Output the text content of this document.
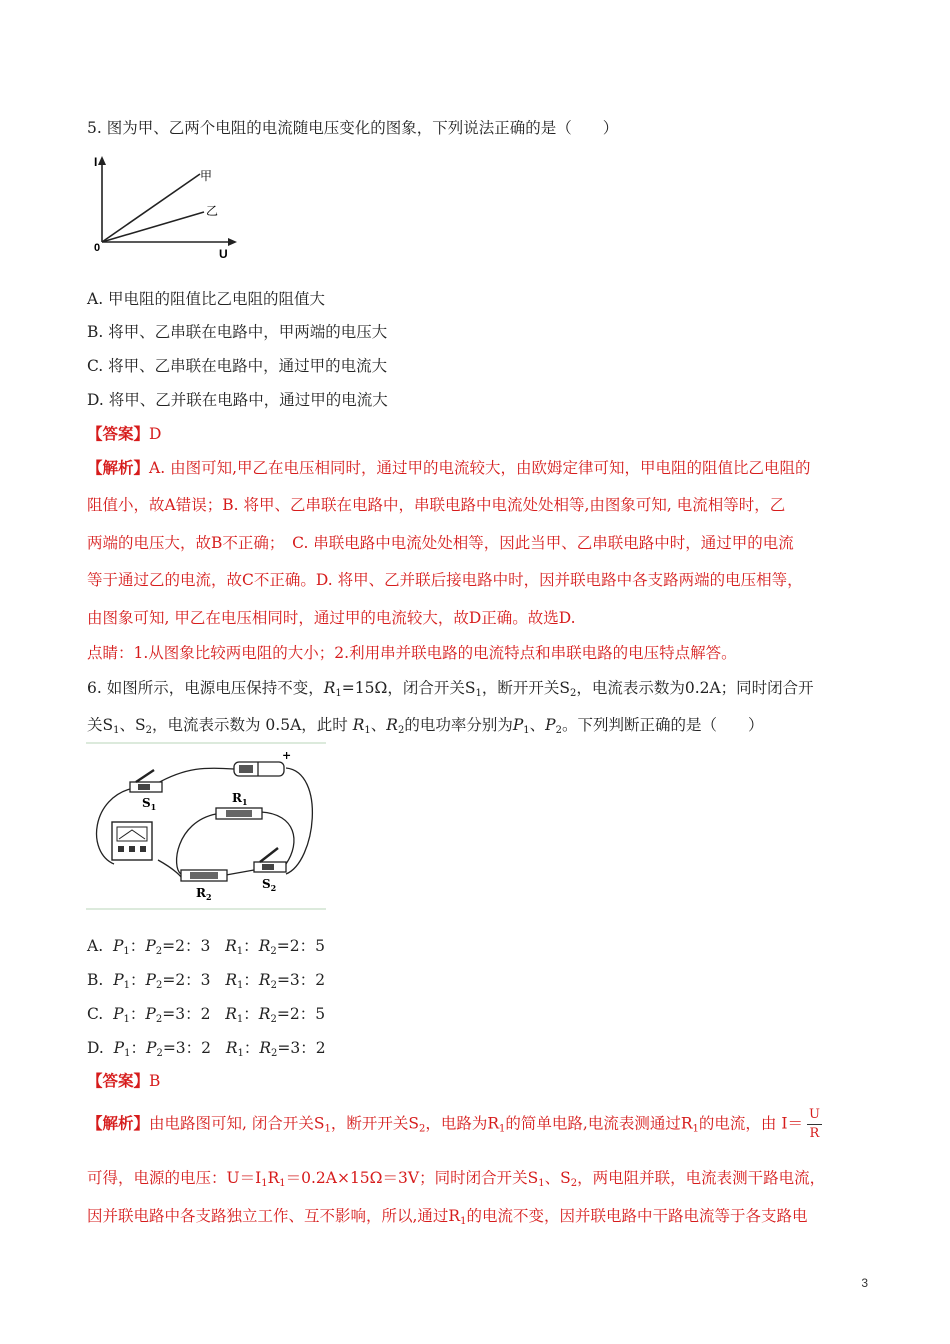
5. 图为甲、乙两个电阻的电流随电压变化的图象，下列说法正确的是（　　）
I
U
0
甲
乙
A. 甲电阻的阻值比乙电阻的阻值大
B. 将甲、乙串联在电路中，甲两端的电压大
C. 将甲、乙串联在电路中，通过甲的电流大
D. 将甲、乙并联在电路中，通过甲的电流大
【答案】D
【解析】A. 由图可知,甲乙在电压相同时，通过甲的电流较大，由欧姆定律可知，甲电阻的阻值比乙电阻的
阻值小，故A错误；B. 将甲、乙串联在电路中，串联电路中电流处处相等,由图象可知, 电流相等时，乙
两端的电压大，故B不正确；　C. 串联电路中电流处处相等，因此当甲、乙串联电路中时，通过甲的电流
等于通过乙的电流，故C不正确。D. 将甲、乙并联后接电路中时，因并联电路中各支路两端的电压相等，
由图象可知, 甲乙在电压相同时，通过甲的电流较大，故D正确。故选D.
点睛：1.从图象比较两电阻的大小；2.利用串并联电路的电流特点和串联电路的电压特点解答。
6. 如图所示，电源电压保持不变，$R_1=15\Omega$，闭合开关$S_1$，断开开关$S_2$，电流表示数为0.2A；同时闭合开
关$S_1$、$S_2$，电流表示数为 0.5A，此时 $R_1$、$R_2$的电功率分别为$P_1$、$P_2$。下列判断正确的是（　　）
+
$S_1$
$R_1$
$R_2$
$S_2$
A. $P_1$：$P_2=2$：3 $R_1$：$R_2=2$：5
B. $P_1$：$P_2=2$：3 $R_1$：$R_2=3$：2
C. $P_1$：$P_2=3$：2 $R_1$：$R_2=2$：5
D. $P_1$：$P_2=3$：2 $R_1$：$R_2=3$：2
【答案】B
【解析】由电路图可知, 闭合开关$S_1$，断开开关$S_2$，电路为$R_1$的简单电路,电流表测通过$R_1$的电流，由 $I= \frac{U}{R}$
可得，电源的电压：$U=I_1R_1=0.2A\times 15\Omega=3V$；同时闭合开关$S_1$、$S_2$，两电阻并联，电流表测干路电流，
因并联电路中各支路独立工作、互不影响，所以,通过$R_1$的电流不变，因并联电路中干路电流等于各支路电
3
